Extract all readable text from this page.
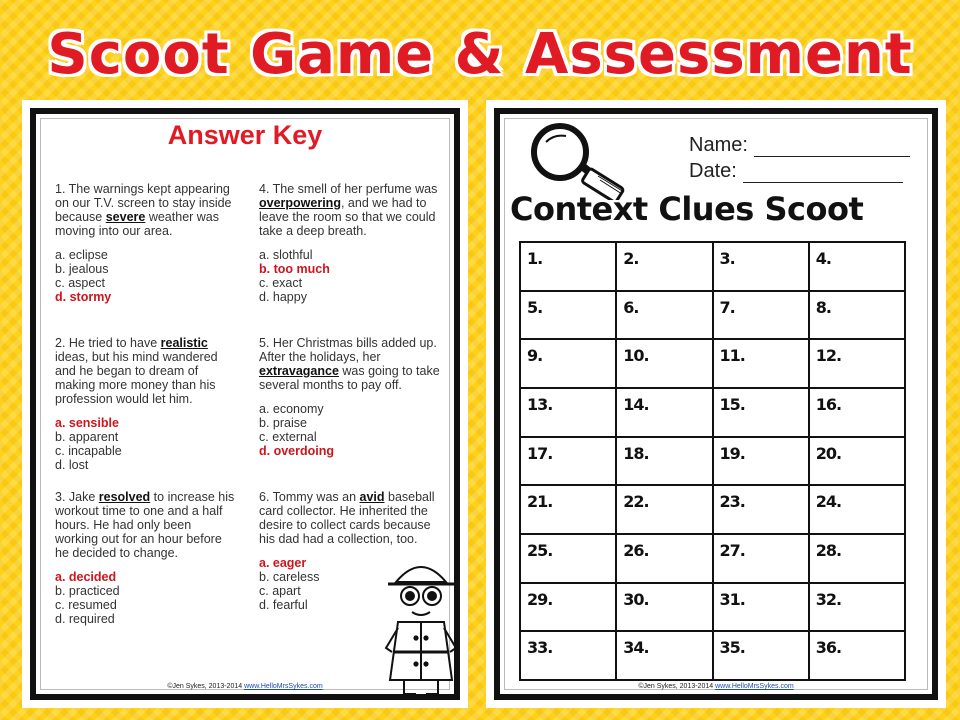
Scoot Game & Assessment
Answer Key

1. The warnings kept appearing on our T.V. screen to stay inside because severe weather was moving into our area.

a. eclipse

b. jealous

c. aspect

d. stormy

2. He tried to have realistic ideas, but his mind wandered and he began to dream of making more money than his profession would let him.

a. sensible

b. apparent

c. incapable

d. lost

3. Jake resolved to increase his workout time to one and a half hours. He had only been working out for an hour before he decided to change.

a. decided

b. practiced

c. resumed

d. required

4. The smell of her perfume was overpowering, and we had to leave the room so that we could take a deep breath.

a. slothful

b. too much

c. exact

d. happy

5. Her Christmas bills added up. After the holidays, her extravagance was going to take several months to pay off.

a. economy

b. praise

c. external

d. overdoing

6. Tommy was an avid baseball card collector. He inherited the desire to collect cards because his dad had a collection, too.

a. eager

b. careless

c. apart

d. fearful

©Jen Sykes, 2013-2014 www.HelloMrsSykes.com
Name:
Date:
Context Clues Scoot
1.	2.	3.	4.
5.	6.	7.	8.
9.	10.	11.	12.
13.	14.	15.	16.
17.	18.	19.	20.
21.	22.	23.	24.
25.	26.	27.	28.
29.	30.	31.	32.
33.	34.	35.	36.
©Jen Sykes, 2013-2014 www.HelloMrsSykes.com
